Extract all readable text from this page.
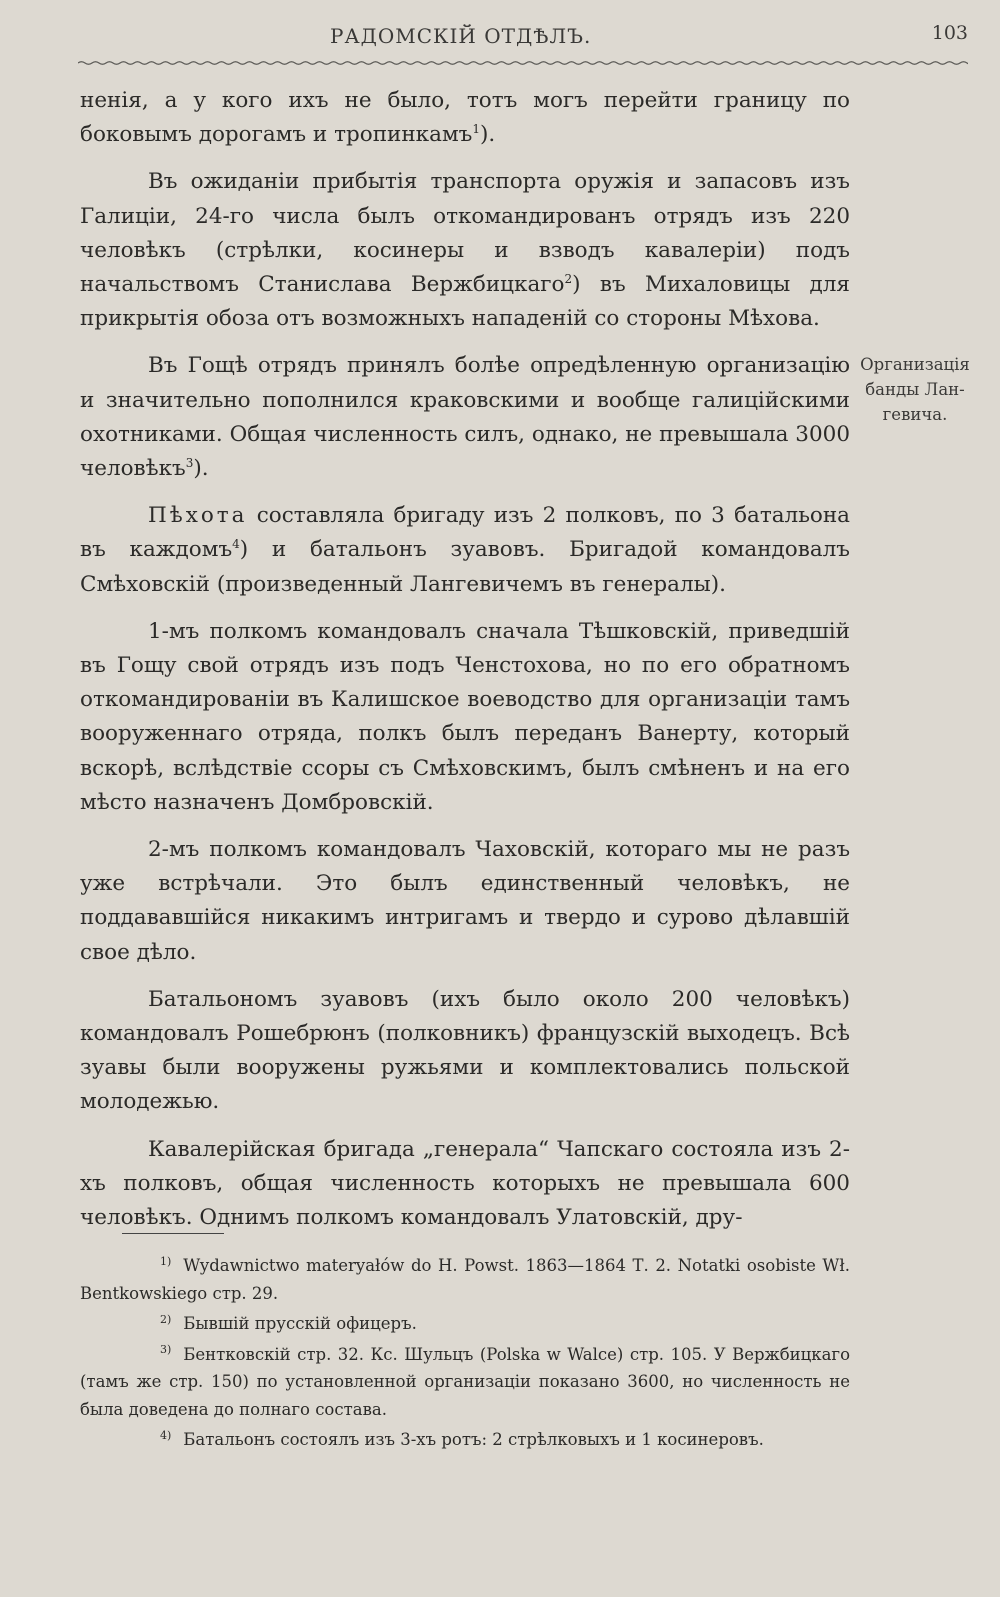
РАДОМСКІЙ ОТДѢЛЪ.	103

ненія, а у кого ихъ не было, тотъ могъ перейти границу по боковымъ дорогамъ и тропинкамъ$^1$).

Въ ожиданіи прибытія транспорта оружія и запасовъ изъ Галиціи, 24-го числа былъ откомандированъ отрядъ изъ 220 человѣкъ (стрѣлки, косинеры и взводъ кавалеріи) подъ начальствомъ Станислава Вержбицкаго$^2$) въ Михаловицы для прикрытія обоза отъ возможныхъ нападеній со стороны Мѣхова.

Въ Гощѣ отрядъ принялъ болѣе опредѣленную организацію и значительно пополнился краковскими и вообще галиційскими охотниками. Общая численность силъ, однако, не превышала 3000 человѣкъ$^3$).

Пѣхота составляла бригаду изъ 2 полковъ, по 3 батальона въ каждомъ$^4$) и батальонъ зуавовъ. Бригадой командовалъ Смѣховскій (произведенный Лангевичемъ въ генералы).

1-мъ полкомъ командовалъ сначала Тѣшковскій, приведшій въ Гощу свой отрядъ изъ подъ Ченстохова, но по его обратномъ откомандированіи въ Калишское воеводство для организаціи тамъ вооруженнаго отряда, полкъ былъ переданъ Ванерту, который вскорѣ, вслѣдствіе ссоры съ Смѣховскимъ, былъ смѣненъ и на его мѣсто назначенъ Домбровскій.

2-мъ полкомъ командовалъ Чаховскій, котораго мы не разъ уже встрѣчали. Это былъ единственный человѣкъ, не поддававшійся никакимъ интригамъ и твердо и сурово дѣлавшій свое дѣло.

Батальономъ зуавовъ (ихъ было около 200 человѣкъ) командовалъ Рошебрюнъ (полковникъ) французскій выходецъ. Всѣ зуавы были вооружены ружьями и комплектовались польской молодежью.

Кавалерійская бригада „генерала“ Чапскаго состояла изъ 2-хъ полковъ, общая численность которыхъ не превышала 600 человѣкъ. Однимъ полкомъ командовалъ Улатовскій, дру-

Организація
банды Лан-
гевича.

$^{1)}$ Wydawnictwo materyałów do H. Powst. 1863—1864 Т. 2. Notatki osobiste Wł. Bentkowskiego стр. 29.

$^{2)}$ Бывшій прусскій офицеръ.

$^{3)}$ Бентковскій стр. 32. Кс. Шульцъ (Polska w Walce) стр. 105. У Вержбицкаго (тамъ же стр. 150) по установленной организаціи показано 3600, но численность не была доведена до полнаго состава.

$^{4)}$ Батальонъ состоялъ изъ 3-хъ ротъ: 2 стрѣлковыхъ и 1 косинеровъ.
